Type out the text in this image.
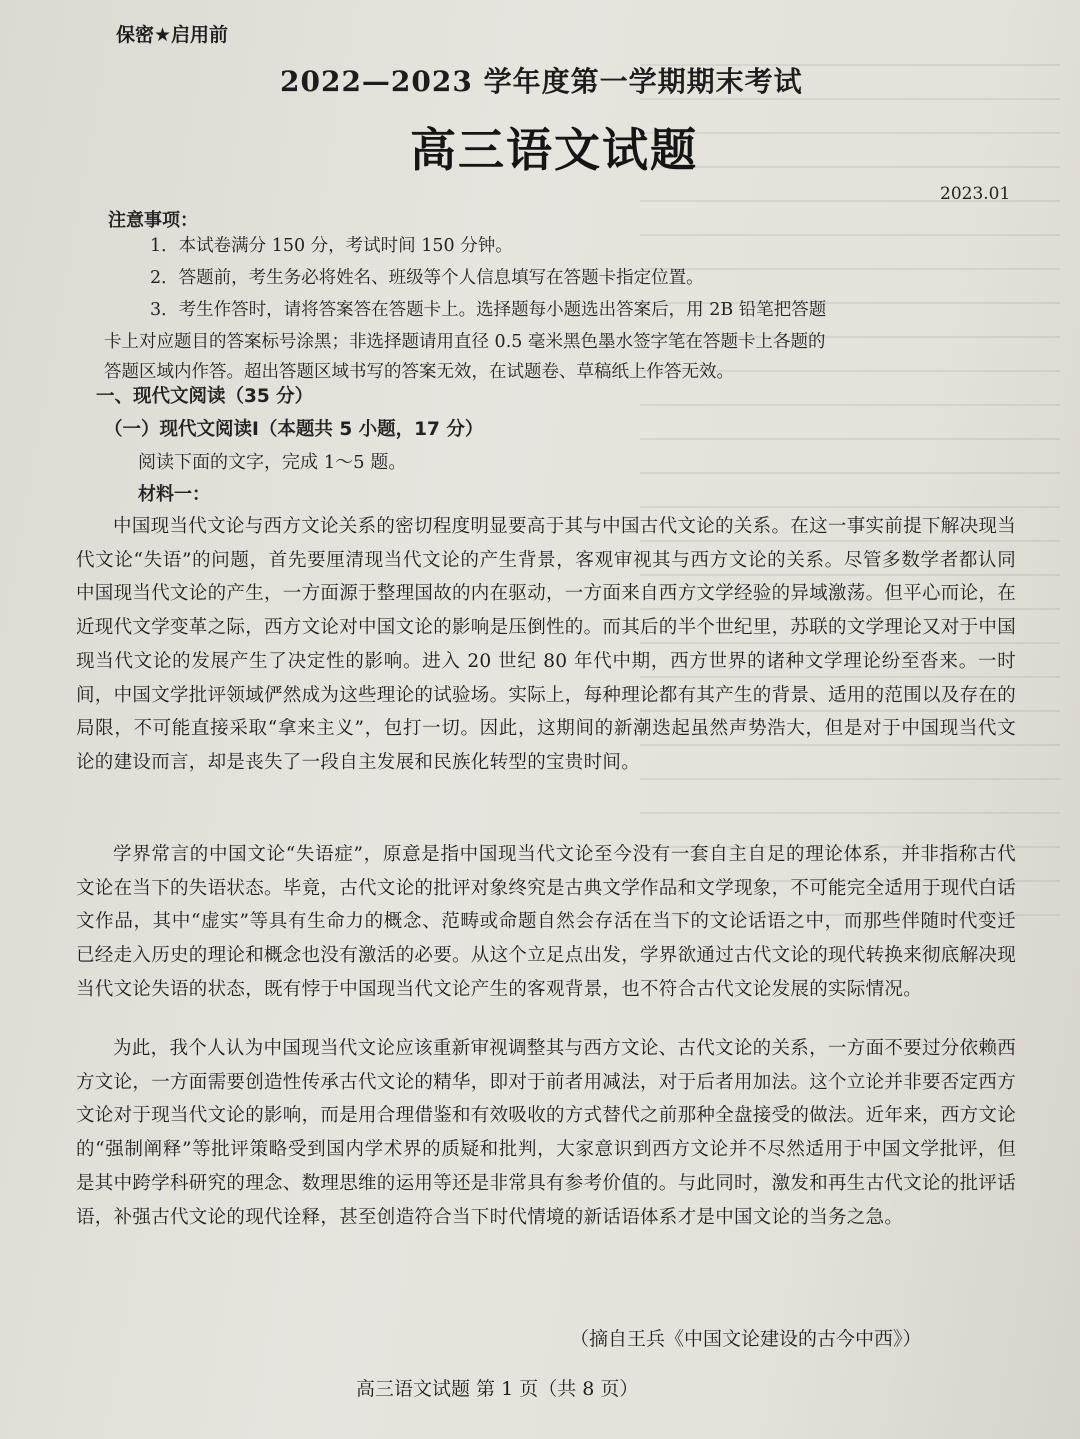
保密★启用前
2022—2023 学年度第一学期期末考试
高三语文试题
2023.01
注意事项：
1．本试卷满分 150 分，考试时间 150 分钟。
2．答题前，考生务必将姓名、班级等个人信息填写在答题卡指定位置。
3．考生作答时，请将答案答在答题卡上。选择题每小题选出答案后，用 2B 铅笔把答题
卡上对应题目的答案标号涂黑；非选择题请用直径 0.5 毫米黑色墨水签字笔在答题卡上各题的
答题区域内作答。超出答题区域书写的答案无效，在试题卷、草稿纸上作答无效。
一、现代文阅读（35 分）
（一）现代文阅读I（本题共 5 小题，17 分）
阅读下面的文字，完成 1～5 题。
材料一：
中国现当代文论与西方文论关系的密切程度明显要高于其与中国古代文论的关系。在这一事实前提下解决现当代文论“失语”的问题，首先要厘清现当代文论的产生背景，客观审视其与西方文论的关系。尽管多数学者都认同中国现当代文论的产生，一方面源于整理国故的内在驱动，一方面来自西方文学经验的异域激荡。但平心而论，在近现代文学变革之际，西方文论对中国文论的影响是压倒性的。而其后的半个世纪里，苏联的文学理论又对于中国现当代文论的发展产生了决定性的影响。进入 20 世纪 80 年代中期，西方世界的诸种文学理论纷至沓来。一时间，中国文学批评领域俨然成为这些理论的试验场。实际上，每种理论都有其产生的背景、适用的范围以及存在的局限，不可能直接采取“拿来主义”，包打一切。因此，这期间的新潮迭起虽然声势浩大，但是对于中国现当代文论的建设而言，却是丧失了一段自主发展和民族化转型的宝贵时间。
学界常言的中国文论“失语症”，原意是指中国现当代文论至今没有一套自主自足的理论体系，并非指称古代文论在当下的失语状态。毕竟，古代文论的批评对象终究是古典文学作品和文学现象，不可能完全适用于现代白话文作品，其中“虚实”等具有生命力的概念、范畴或命题自然会存活在当下的文论话语之中，而那些伴随时代变迁已经走入历史的理论和概念也没有激活的必要。从这个立足点出发，学界欲通过古代文论的现代转换来彻底解决现当代文论失语的状态，既有悖于中国现当代文论产生的客观背景，也不符合古代文论发展的实际情况。
为此，我个人认为中国现当代文论应该重新审视调整其与西方文论、古代文论的关系，一方面不要过分依赖西方文论，一方面需要创造性传承古代文论的精华，即对于前者用减法，对于后者用加法。这个立论并非要否定西方文论对于现当代文论的影响，而是用合理借鉴和有效吸收的方式替代之前那种全盘接受的做法。近年来，西方文论的“强制阐释”等批评策略受到国内学术界的质疑和批判，大家意识到西方文论并不尽然适用于中国文学批评，但是其中跨学科研究的理念、数理思维的运用等还是非常具有参考价值的。与此同时，激发和再生古代文论的批评话语，补强古代文论的现代诠释，甚至创造符合当下时代情境的新话语体系才是中国文论的当务之急。
（摘自王兵《中国文论建设的古今中西》）
高三语文试题 第 1 页（共 8 页）
